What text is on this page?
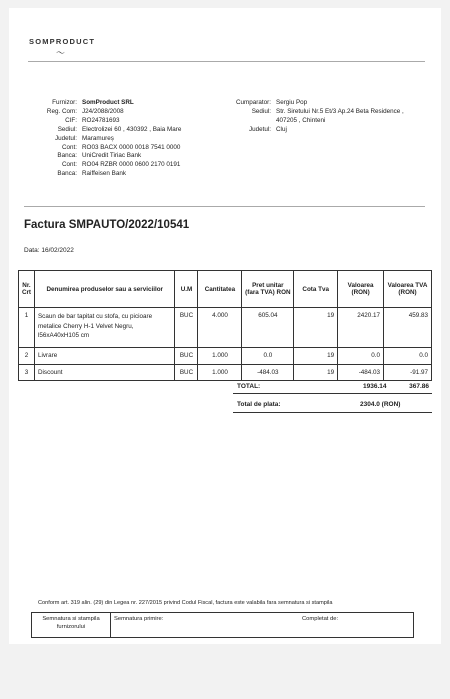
SOMPRODUCT
〜
Furnizor: SomProduct SRL
Reg. Com: J24/2088/2008
CIF: RO24781693
Sediul: Electrolizei 60 , 430392 , Baia Mare
Judetul: Maramureș
Cont: RO03 BACX 0000 0018 7541 0000
Banca: UniCredit Tiriac Bank
Cont: RO04 RZBR 0000 0600 2170 0191
Banca: Raiffeisen Bank
Cumparator: Sergiu Pop
Sediul: Str. Siretului Nr.5 Et/3 Ap.24 Beta Residence ,
407205 , Chinteni
Judetul: Cluj
Factura SMPAUTO/2022/10541
Data: 16/02/2022
Nr. Crt	Denumirea produselor sau a serviciilor	U.M	Cantitatea	Pret unitar (fara TVA) RON	Cota Tva	Valoarea (RON)	Valoarea TVA (RON)
1	Scaun de bar tapitat cu stofa, cu picioare metalice Cherry H-1 Velvet Negru, l56xA40xH105 cm	BUC	4.000	605.04	19	2420.17	459.83
2	Livrare	BUC	1.000	0.0	19	0.0	0.0
3	Discount	BUC	1.000	-484.03	19	-484.03	-91.97
TOTAL:	1936.14	367.86
Total de plata:	2304.0 (RON)
Conform art. 319 alin. (29) din Legea nr. 227/2015 privind Codul Fiscal, factura este valabila fara semnatura si stampila
Semnatura si stampila furnizorului
Semnatura primire:	Completat de:
